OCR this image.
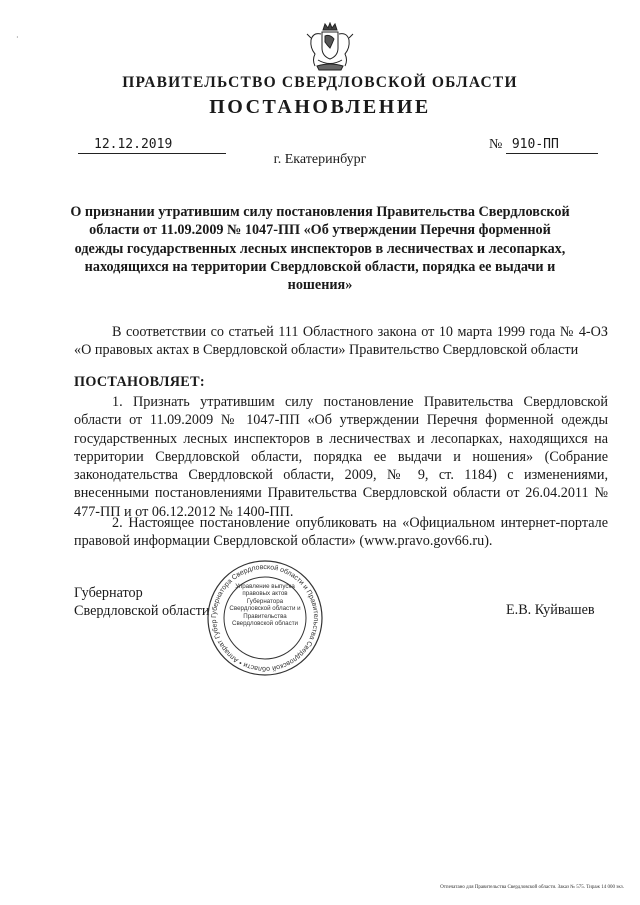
·
ПРАВИТЕЛЬСТВО СВЕРДЛОВСКОЙ ОБЛАСТИ
ПОСТАНОВЛЕНИЕ
12.12.2019	№ 910-ПП
г. Екатеринбург
О признании утратившим силу постановления Правительства Свердловской области от 11.09.2009 № 1047-ПП «Об утверждении Перечня форменной одежды государственных лесных инспекторов в лесничествах и лесопарках, находящихся на территории Свердловской области, порядка ее выдачи и ношения»
В соответствии со статьей 111 Областного закона от 10 марта 1999 года № 4-ОЗ «О правовых актах в Свердловской области» Правительство Свердловской области
ПОСТАНОВЛЯЕТ:
1. Признать утратившим силу постановление Правительства Свердловской области от 11.09.2009 № 1047-ПП «Об утверждении Перечня форменной одежды государственных лесных инспекторов в лесничествах и лесопарках, находящихся на территории Свердловской области, порядка ее выдачи и ношения» (Собрание законодательства Свердловской области, 2009, № 9, ст. 1184) с изменениями, внесенными постановлениями Правительства Свердловской области от 26.04.2011 № 477-ПП и от 06.12.2012 № 1400-ПП.
2. Настоящее постановление опубликовать на «Официальном интернет-портале правовой информации Свердловской области» (www.pravo.gov66.ru).
Губернатор
Свердловской области	Е.В. Куйвашев
Губернатора Свердловской области и Правительства Свердловской области • Аппарат Губер
Управление выпуска правовых актов Губернатора Свердловской области и Правительства Свердловской области
Отпечатано для Правительства Свердловской области. Заказ № 575. Тираж 14 000 экз.
